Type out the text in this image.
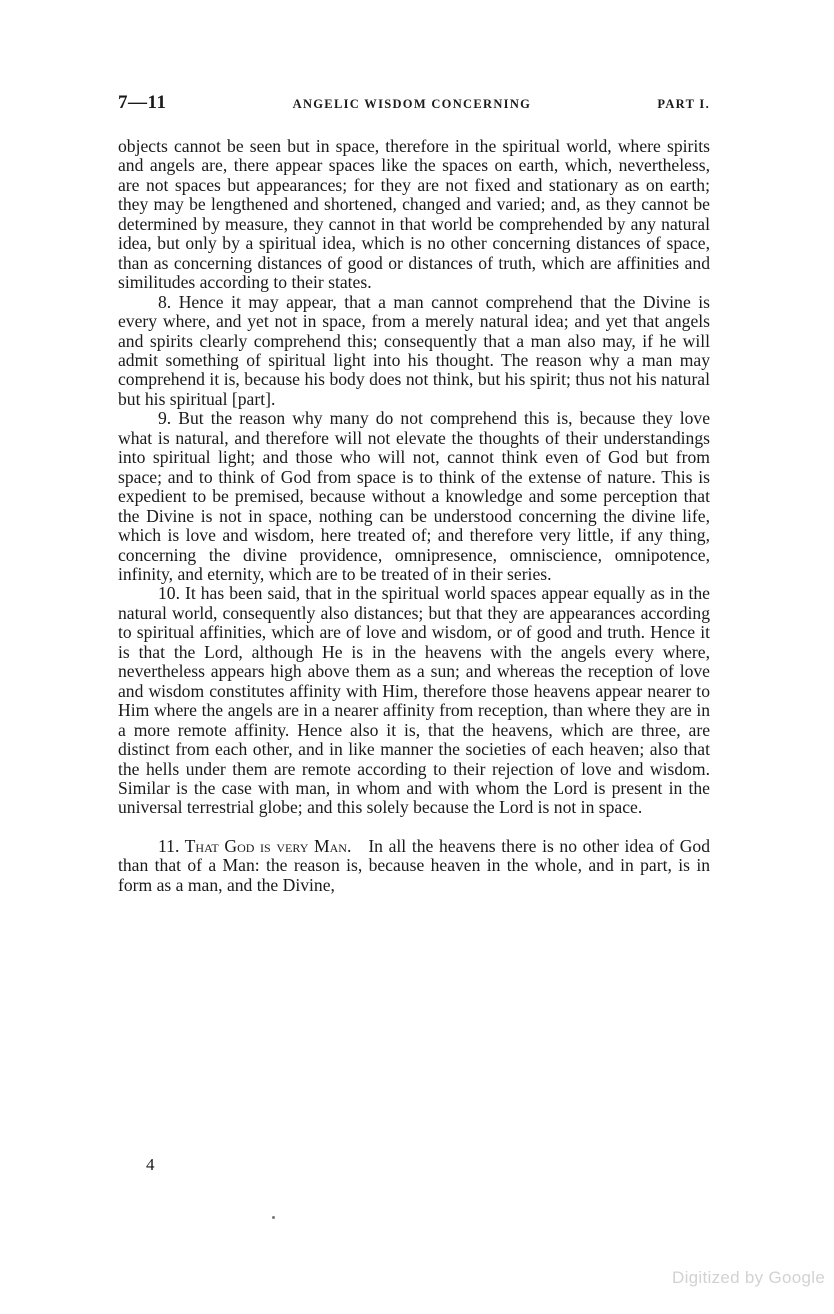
7—11	ANGELIC WISDOM CONCERNING	PART I.

objects cannot be seen but in space, therefore in the spiritual world, where spirits and angels are, there appear spaces like the spaces on earth, which, nevertheless, are not spaces but appearances; for they are not fixed and stationary as on earth; they may be lengthened and shortened, changed and varied; and, as they cannot be determined by measure, they cannot in that world be comprehended by any natural idea, but only by a spiritual idea, which is no other concerning distances of space, than as concerning distances of good or distances of truth, which are affinities and similitudes according to their states.

8. Hence it may appear, that a man cannot comprehend that the Divine is every where, and yet not in space, from a merely natural idea; and yet that angels and spirits clearly comprehend this; consequently that a man also may, if he will admit something of spiritual light into his thought. The reason why a man may comprehend it is, because his body does not think, but his spirit; thus not his natural but his spiritual [part].

9. But the reason why many do not comprehend this is, because they love what is natural, and therefore will not elevate the thoughts of their understandings into spiritual light; and those who will not, cannot think even of God but from space; and to think of God from space is to think of the extense of nature. This is expedient to be premised, because without a knowledge and some perception that the Divine is not in space, nothing can be understood concerning the divine life, which is love and wisdom, here treated of; and therefore very little, if any thing, concerning the divine providence, omnipresence, omniscience, omnipotence, infinity, and eternity, which are to be treated of in their series.

10. It has been said, that in the spiritual world spaces appear equally as in the natural world, consequently also distances; but that they are appearances according to spiritual affinities, which are of love and wisdom, or of good and truth. Hence it is that the Lord, although He is in the heavens with the angels every where, nevertheless appears high above them as a sun; and whereas the reception of love and wisdom constitutes affinity with Him, therefore those heavens appear nearer to Him where the angels are in a nearer affinity from reception, than where they are in a more remote affinity. Hence also it is, that the heavens, which are three, are distinct from each other, and in like manner the societies of each heaven; also that the hells under them are remote according to their rejection of love and wisdom. Similar is the case with man, in whom and with whom the Lord is present in the universal terrestrial globe; and this solely because the Lord is not in space.

11. That God is very Man. In all the heavens there is no other idea of God than that of a Man: the reason is, because heaven in the whole, and in part, is in form as a man, and the Divine,

4
Digitized by Google
